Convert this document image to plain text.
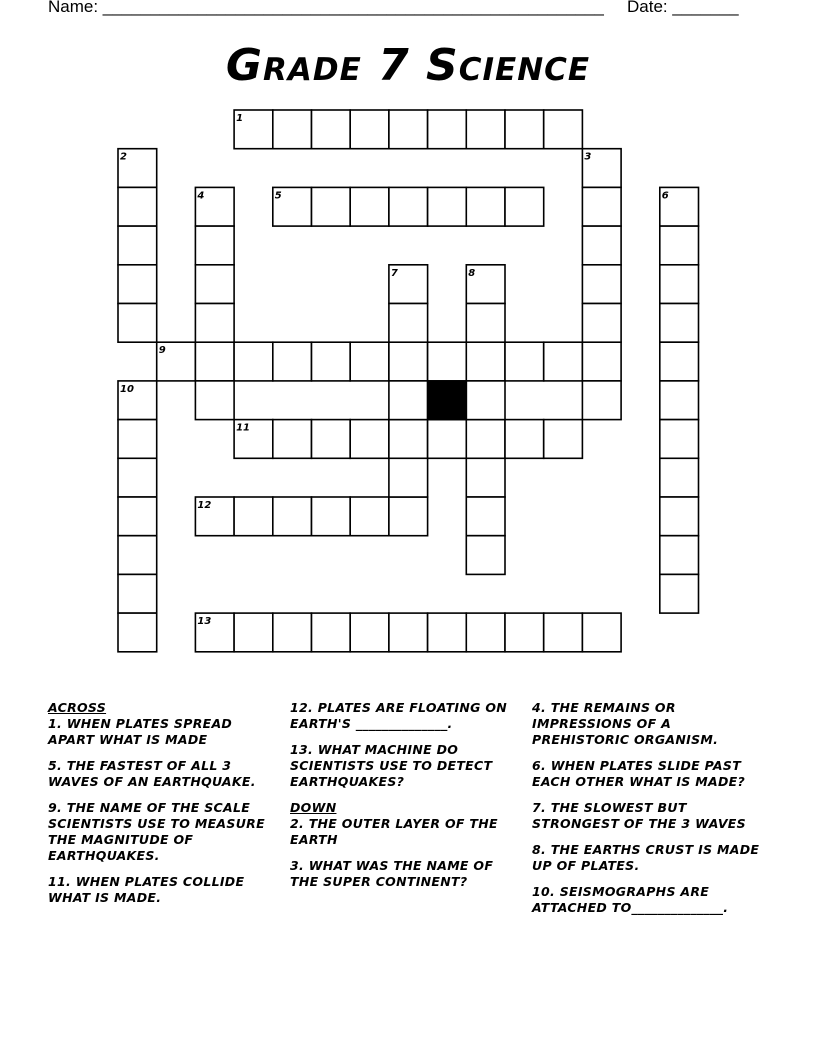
Name: _____________________________________________________ Date: _______
Grade 7 Science
1
5
9
11
12
13
2	3
4	6
7	8
10
ACROSS
1. WHEN PLATES SPREAD APART WHAT IS MADE
5. THE FASTEST OF ALL 3 WAVES OF AN EARTHQUAKE.
9. THE NAME OF THE SCALE SCIENTISTS USE TO MEASURE THE MAGNITUDE OF EARTHQUAKES.
11. WHEN PLATES COLLIDE WHAT IS MADE.
12. PLATES ARE FLOATING ON EARTH'S ______________.
13. WHAT MACHINE DO SCIENTISTS USE TO DETECT EARTHQUAKES?
DOWN
2. THE OUTER LAYER OF THE EARTH
3. WHAT WAS THE NAME OF THE SUPER CONTINENT?
4. THE REMAINS OR IMPRESSIONS OF A PREHISTORIC ORGANISM.
6. WHEN PLATES SLIDE PAST EACH OTHER WHAT IS MADE?
7. THE SLOWEST BUT STRONGEST OF THE 3 WAVES
8. THE EARTHS CRUST IS MADE UP OF PLATES.
10. SEISMOGRAPHS ARE ATTACHED TO______________.
